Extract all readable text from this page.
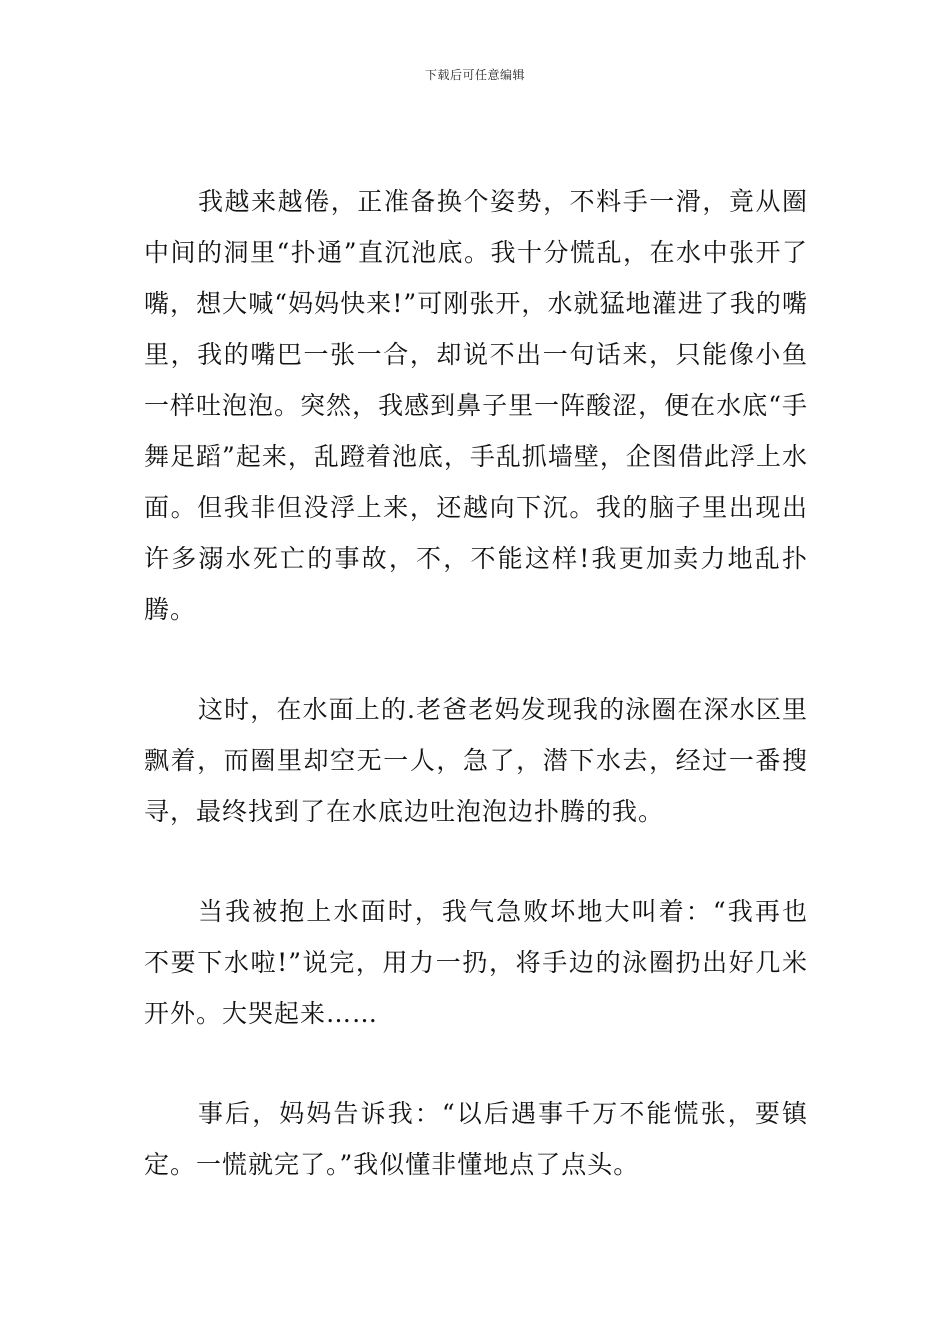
下载后可任意编辑

我越来越倦，正准备换个姿势，不料手一滑，竟从圈中间的洞里“扑通”直沉池底。我十分慌乱，在水中张开了嘴，想大喊“妈妈快来!”可刚张开，水就猛地灌进了我的嘴里，我的嘴巴一张一合，却说不出一句话来，只能像小鱼一样吐泡泡。突然，我感到鼻子里一阵酸涩，便在水底“手舞足蹈”起来，乱蹬着池底，手乱抓墙壁，企图借此浮上水面。但我非但没浮上来，还越向下沉。我的脑子里出现出许多溺水死亡的事故，不，不能这样!我更加卖力地乱扑腾。

这时，在水面上的.老爸老妈发现我的泳圈在深水区里飘着，而圈里却空无一人，急了，潜下水去，经过一番搜寻，最终找到了在水底边吐泡泡边扑腾的我。

当我被抱上水面时，我气急败坏地大叫着：“我再也不要下水啦!”说完，用力一扔，将手边的泳圈扔出好几米开外。大哭起来……

事后，妈妈告诉我：“以后遇事千万不能慌张，要镇定。一慌就完了。”我似懂非懂地点了点头。
